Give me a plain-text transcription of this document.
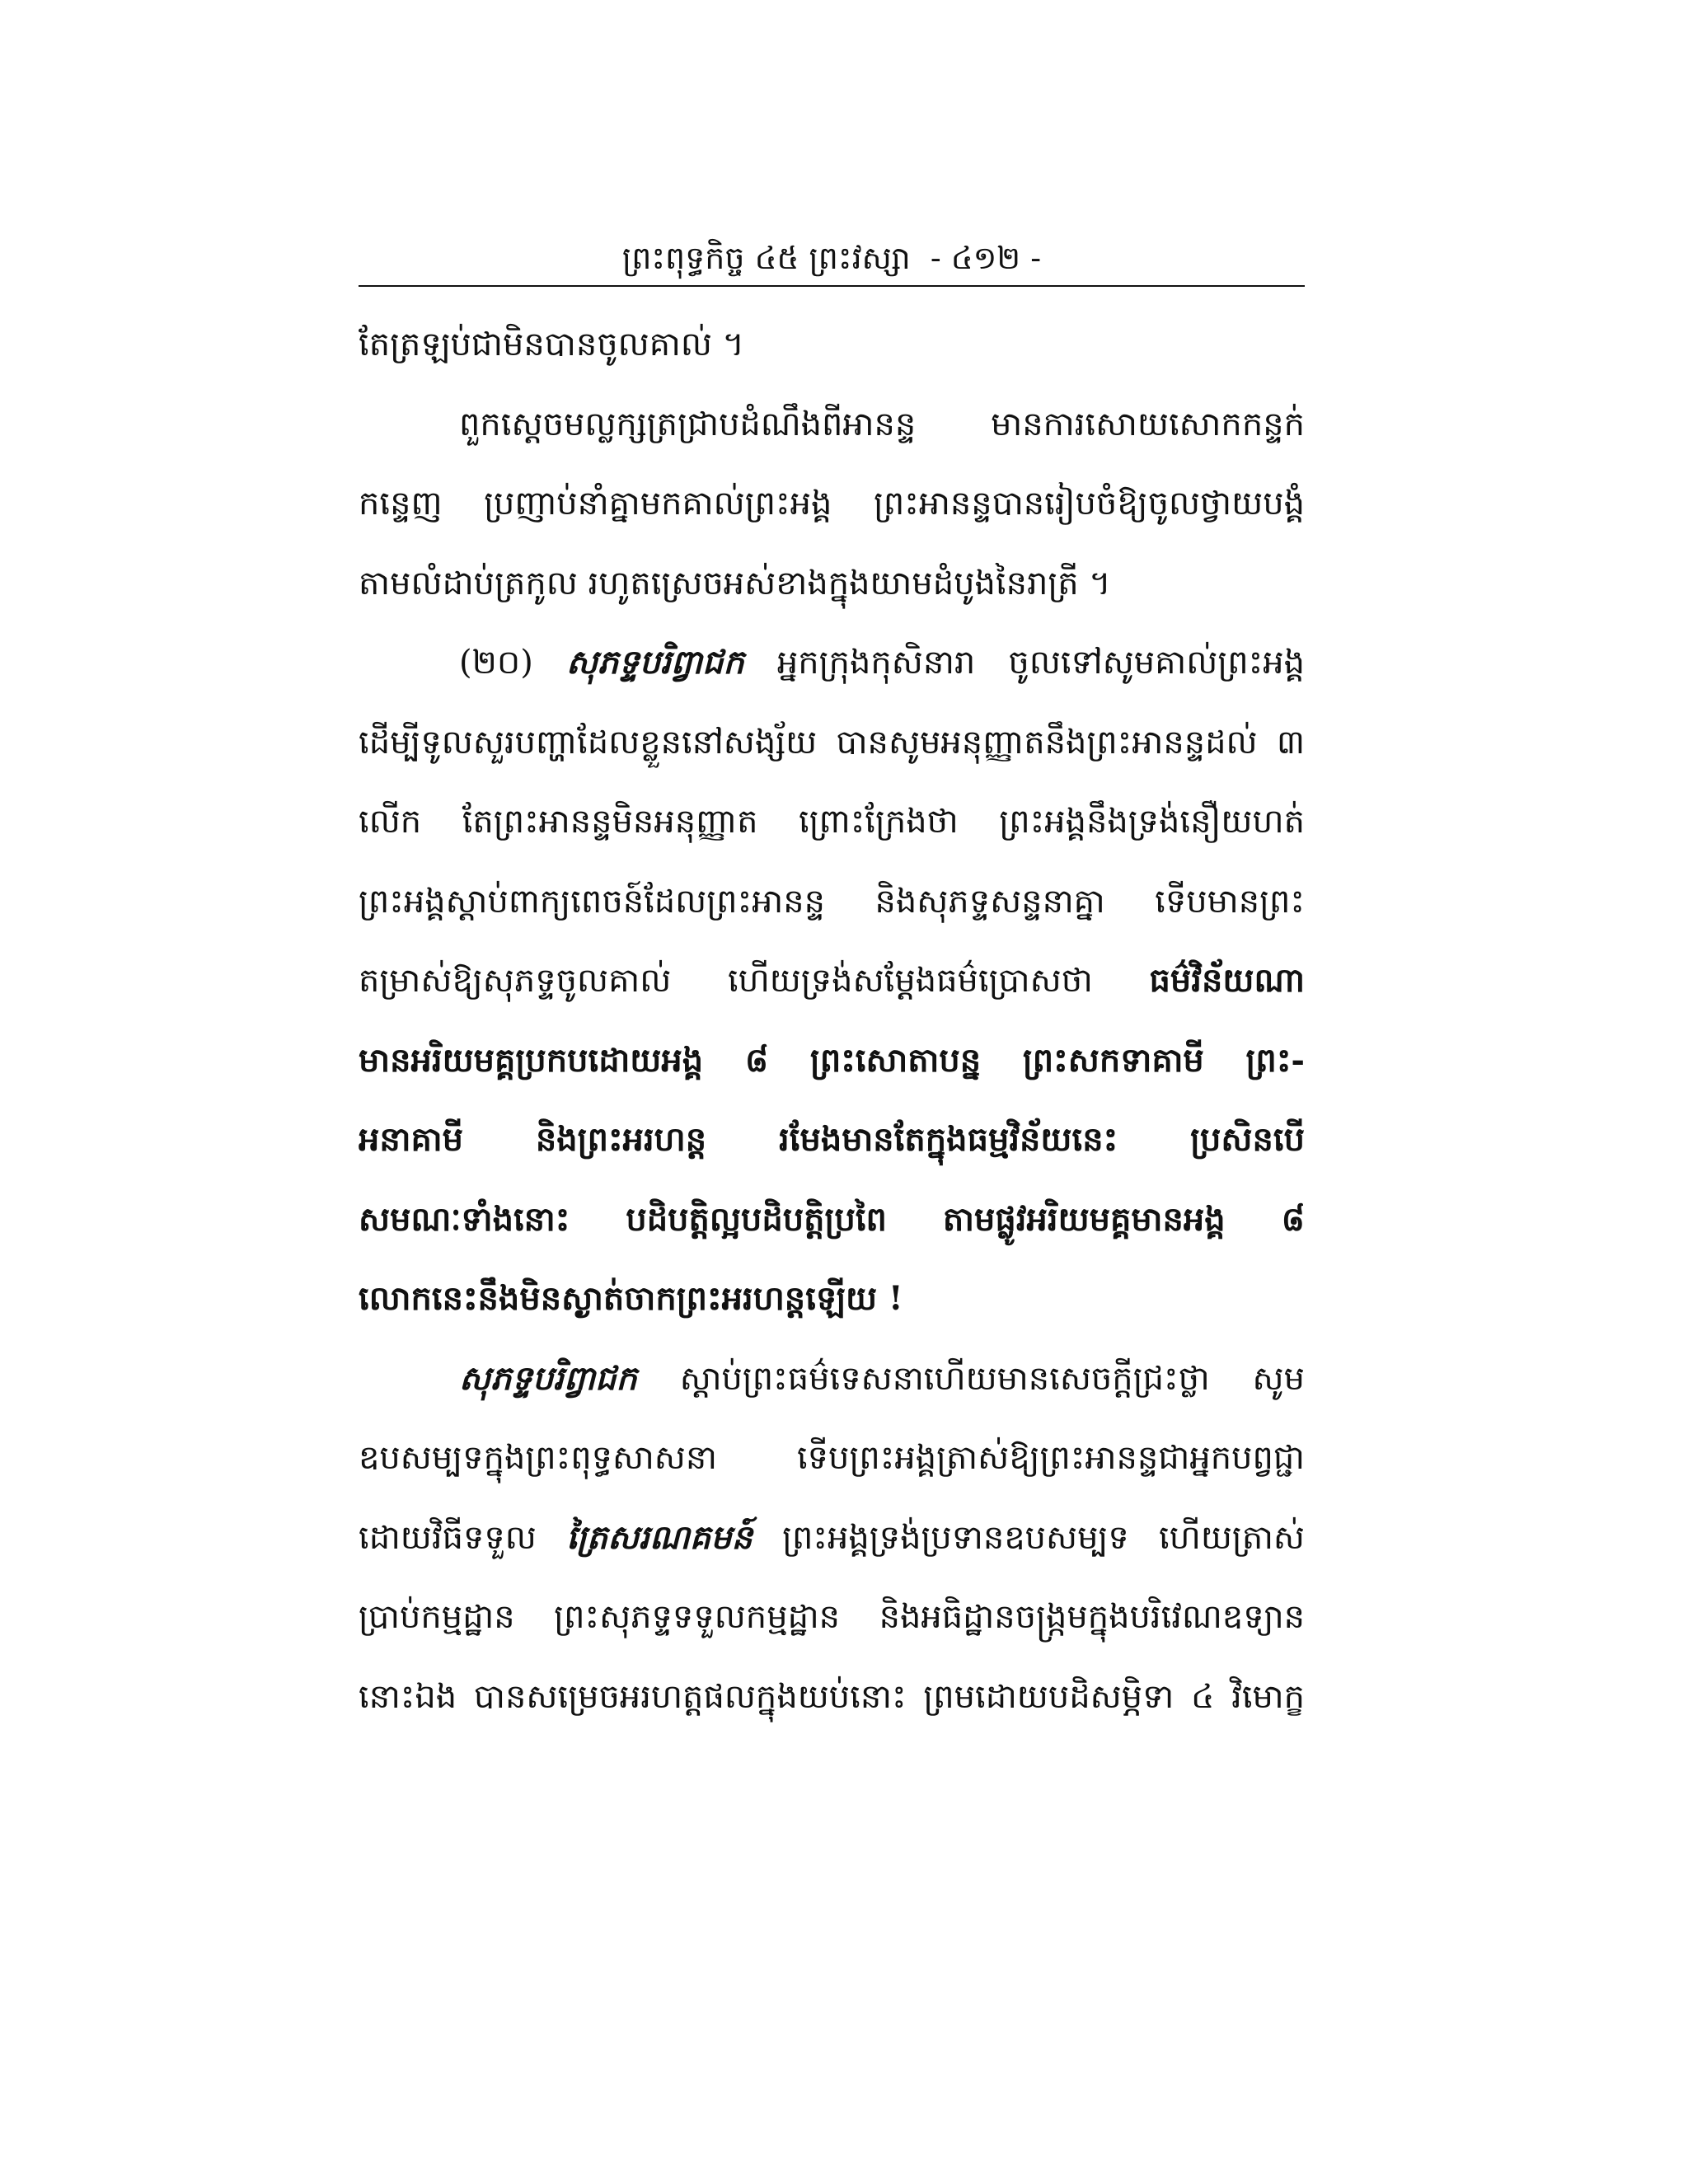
ព្រះពុទ្ធកិច្ច ៤៥ ព្រះវស្សា - ៤១២ -
តែត្រឡប់ជាមិនបានចូលគាល់ ។
ពួកស្ដេចមល្លក្សត្រជ្រាបដំណឹងពីអានន្ទ មានការសោយសោកកន្ទក់
កន្ទេញ ប្រញាប់នាំគ្នាមកគាល់ព្រះអង្គ ព្រះអានន្ទបានរៀបចំឱ្យចូលថ្វាយបង្គំ
តាមលំដាប់ត្រកូល រហូតស្រេចអស់ខាងក្នុងយាមដំបូងនៃរាត្រី ។
(២០) សុភទ្ទបរិព្វាជក អ្នកក្រុងកុសិនារា ចូលទៅសូមគាល់ព្រះអង្គ
ដើម្បីទូលសួរបញ្ហាដែលខ្លួននៅសង្ស័យ បានសូមអនុញ្ញាតនឹងព្រះអានន្ទដល់ ៣
លើក តែព្រះអានន្ទមិនអនុញ្ញាត ព្រោះក្រែងថា ព្រះអង្គនឹងទ្រង់នឿយហត់
ព្រះអង្គស្ដាប់ពាក្យពេចន៍ដែលព្រះអានន្ទ និងសុភទ្ទសន្ទនាគ្នា ទើបមានព្រះ
តម្រាស់ឱ្យសុភទ្ទចូលគាល់ ហើយទ្រង់សម្ដែងធម៌ប្រោសថា ធម៌វិន័យណា
មានអរិយមគ្គប្រកបដោយអង្គ ៨ ព្រះសោតាបន្ន ព្រះសកទាគាមី ព្រះ-
អនាគាមី និងព្រះអរហន្ត រមែងមានតែក្នុងធម្មវិន័យនេះ ប្រសិនបើ
សមណៈទាំងនោះ បដិបត្តិល្អបដិបត្តិប្រពៃ តាមផ្លូវអរិយមគ្គមានអង្គ ៨
លោកនេះនឹងមិនស្ងាត់ចាកព្រះអរហន្តឡើយ !
សុភទ្ទបរិព្វាជក ស្ដាប់ព្រះធម៌ទេសនាហើយមានសេចក្ដីជ្រះថ្លា សូម
ឧបសម្បទក្នុងព្រះពុទ្ធសាសនា ទើបព្រះអង្គត្រាស់ឱ្យព្រះអានន្ទជាអ្នកបព្វជ្ជា
ដោយវិធីទទួល ត្រៃសរណគមន៍ ព្រះអង្គទ្រង់ប្រទានឧបសម្បទ ហើយត្រាស់
ប្រាប់កម្មដ្ឋាន ព្រះសុភទ្ទទទួលកម្មដ្ឋាន និងអធិដ្ឋានចង្ក្រមក្នុងបរិវេណឧទ្យាន
នោះឯង បានសម្រេចអរហត្តផលក្នុងយប់នោះ ព្រមដោយបដិសម្ភិទា ៤ វិមោក្ខ
